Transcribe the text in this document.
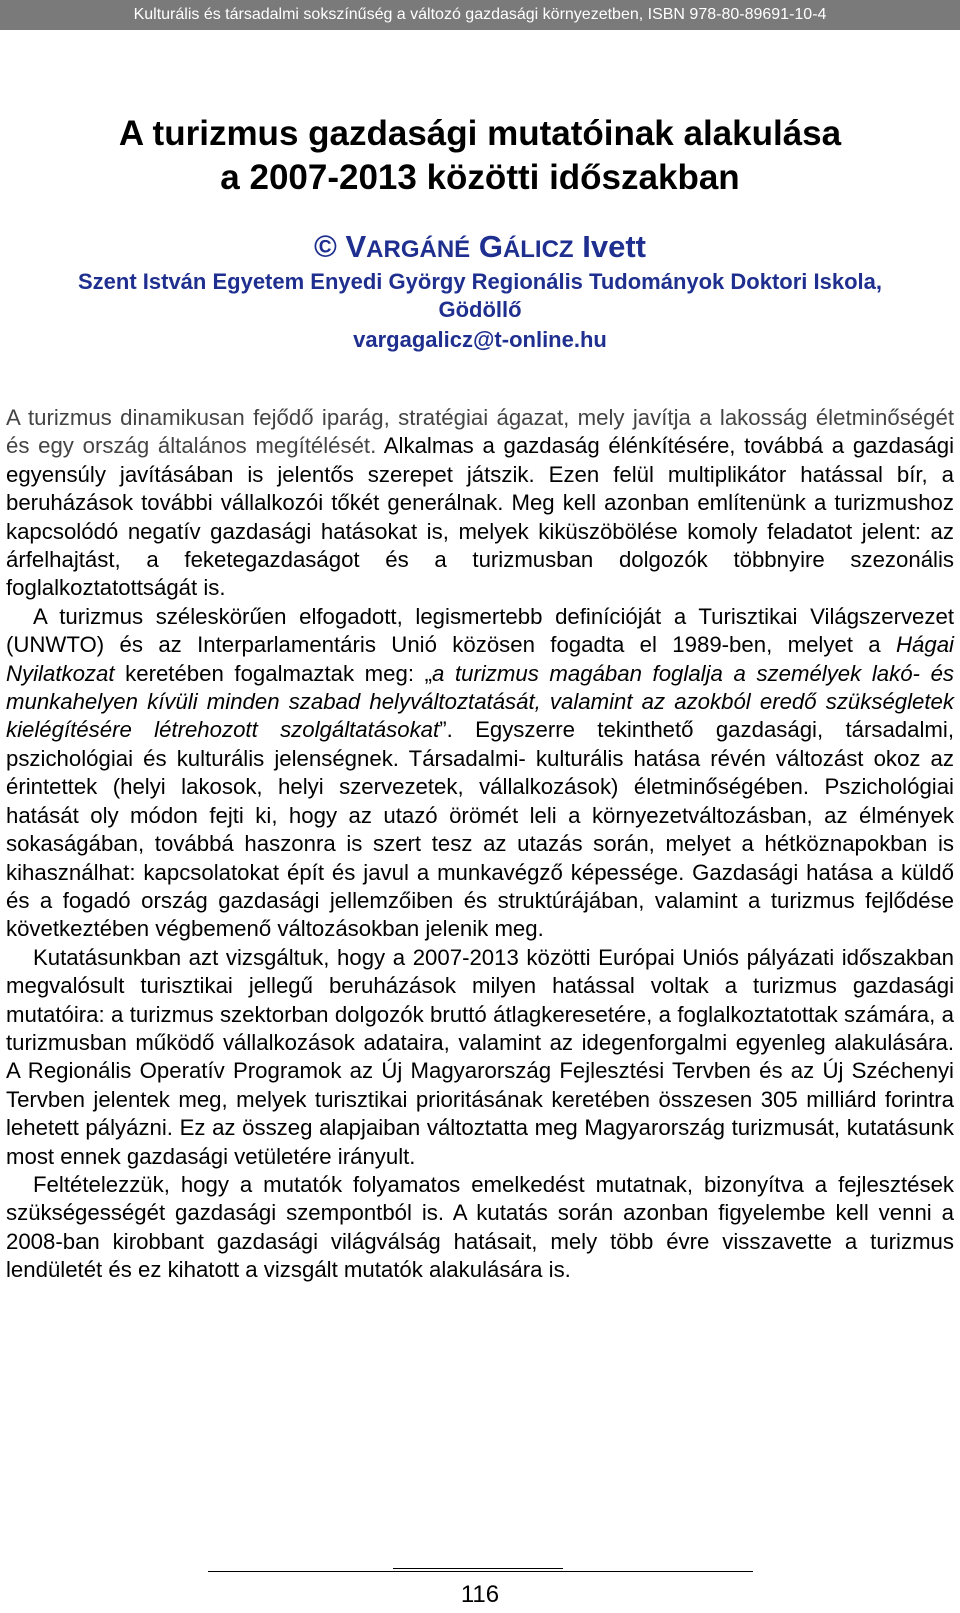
Kulturális és társadalmi sokszínűség a változó gazdasági környezetben, ISBN 978-80-89691-10-4
A turizmus gazdasági mutatóinak alakulása
a 2007-2013 közötti időszakban
© VARGÁNÉ GÁLICZ Ivett
Szent István Egyetem Enyedi György Regionális Tudományok Doktori Iskola,
Gödöllő
vargagalicz@t-online.hu

A turizmus dinamikusan fejődő iparág, stratégiai ágazat, mely javítja a lakosság életminőségét és egy ország általános megítélését. Alkalmas a gazdaság élénkítésére, továbbá a gazdasági egyensúly javításában is jelentős szerepet játszik. Ezen felül multiplikátor hatással bír, a beruházások további vállalkozói tőkét generálnak. Meg kell azonban említenünk a turizmushoz kapcsolódó negatív gazdasági hatásokat is, melyek kiküszöbölése komoly feladatot jelent: az árfelhajtást, a feketegazdaságot és a turizmusban dolgozók többnyire szezonális foglalkoztatottságát is.

A turizmus széleskörűen elfogadott, legismertebb definícióját a Turisztikai Világszervezet (UNWTO) és az Interparlamentáris Unió közösen fogadta el 1989-ben, melyet a Hágai Nyilatkozat keretében fogalmaztak meg: „a turizmus magában foglalja a személyek lakó- és munkahelyen kívüli minden szabad helyváltoztatását, valamint az azokból eredő szükségletek kielégítésére létrehozott szolgáltatásokat”. Egyszerre tekinthető gazdasági, társadalmi, pszichológiai és kulturális jelenségnek. Társadalmi- kulturális hatása révén változást okoz az érintettek (helyi lakosok, helyi szervezetek, vállalkozások) életminőségében. Pszichológiai hatását oly módon fejti ki, hogy az utazó örömét leli a környezetváltozásban, az élmények sokaságában, továbbá haszonra is szert tesz az utazás során, melyet a hétköznapokban is kihasználhat: kapcsolatokat épít és javul a munkavégző képessége. Gazdasági hatása a küldő és a fogadó ország gazdasági jellemzőiben és struktúrájában, valamint a turizmus fejlődése következtében végbemenő változásokban jelenik meg.

Kutatásunkban azt vizsgáltuk, hogy a 2007-2013 közötti Európai Uniós pályázati időszakban megvalósult turisztikai jellegű beruházások milyen hatással voltak a turizmus gazdasági mutatóira: a turizmus szektorban dolgozók bruttó átlagkeresetére, a foglalkoztatottak számára, a turizmusban működő vállalkozások adataira, valamint az idegenforgalmi egyenleg alakulására. A Regionális Operatív Programok az Új Magyarország Fejlesztési Tervben és az Új Széchenyi Tervben jelentek meg, melyek turisztikai prioritásának keretében összesen 305 milliárd forintra lehetett pályázni. Ez az összeg alapjaiban változtatta meg Magyarország turizmusát, kutatásunk most ennek gazdasági vetületére irányult.

Feltételezzük, hogy a mutatók folyamatos emelkedést mutatnak, bizonyítva a fejlesztések szükségességét gazdasági szempontból is. A kutatás során azonban figyelembe kell venni a 2008-ban kirobbant gazdasági világválság hatásait, mely több évre visszavette a turizmus lendületét és ez kihatott a vizsgált mutatók alakulására is.

116
